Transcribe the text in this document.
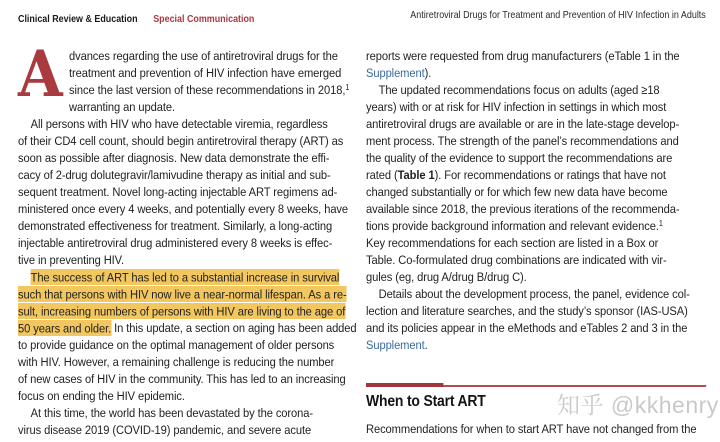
Clinical Review & Education Special Communication	Antiretroviral Drugs for Treatment and Prevention of HIV Infection in Adults
A dvances regarding the use of antiretroviral drugs for the
treatment and prevention of HIV infection have emerged
since the last version of these recommendations in 2018,$^1$
warranting an update.
All persons with HIV who have detectable viremia, regardless
of their CD4 cell count, should begin antiretroviral therapy (ART) as
soon as possible after diagnosis. New data demonstrate the effi-
cacy of 2-drug dolutegravir/lamivudine therapy as initial and sub-
sequent treatment. Novel long-acting injectable ART regimens ad-
ministered once every 4 weeks, and potentially every 8 weeks, have
demonstrated effectiveness for treatment. Similarly, a long-acting
injectable antiretroviral drug administered every 8 weeks is effec-
tive in preventing HIV.
The success of ART has led to a substantial increase in survival
such that persons with HIV now live a near-normal lifespan. As a re-
sult, increasing numbers of persons with HIV are living to the age of
50 years and older. In this update, a section on aging has been added
to provide guidance on the optimal management of older persons
with HIV. However, a remaining challenge is reducing the number
of new cases of HIV in the community. This has led to an increasing
focus on ending the HIV epidemic.
At this time, the world has been devastated by the corona-
virus disease 2019 (COVID-19) pandemic, and severe acute
reports were requested from drug manufacturers (eTable 1 in the
Supplement).
The updated recommendations focus on adults (aged ≥18
years) with or at risk for HIV infection in settings in which most
antiretroviral drugs are available or are in the late-stage develop-
ment process. The strength of the panel’s recommendations and
the quality of the evidence to support the recommendations are
rated (Table 1). For recommendations or ratings that have not
changed substantially or for which few new data have become
available since 2018, the previous iterations of the recommenda-
tions provide background information and relevant evidence.$^1$
Key recommendations for each section are listed in a Box or
Table. Co-formulated drug combinations are indicated with vir-
gules (eg, drug A/drug B/drug C).
Details about the development process, the panel, evidence col-
lection and literature searches, and the study’s sponsor (IAS-USA)
and its policies appear in the eMethods and eTables 2 and 3 in the
Supplement.
When to Start ART
Recommendations for when to start ART have not changed from the
知乎 @kkhenry
